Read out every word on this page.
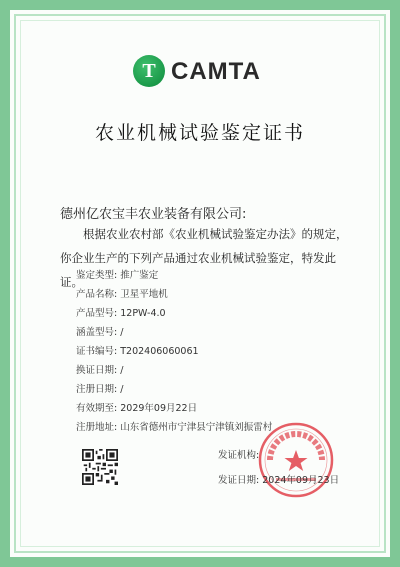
T CAMTA
农业机械试验鉴定证书
德州亿农宝丰农业装备有限公司:
根据农业农村部《农业机械试验鉴定办法》的规定，你企业生产的下列产品通过农业机械试验鉴定，特发此证。
鉴定类型: 推广鉴定
产品名称: 卫星平地机
产品型号: 12PW-4.0
涵盖型号: /
证书编号: T202406060061
换证日期: /
注册日期: /
有效期至: 2029年09月22日
注册地址: 山东省德州市宁津县宁津镇刘振雷村
发证机构:
发证日期: 2024年09月23日
